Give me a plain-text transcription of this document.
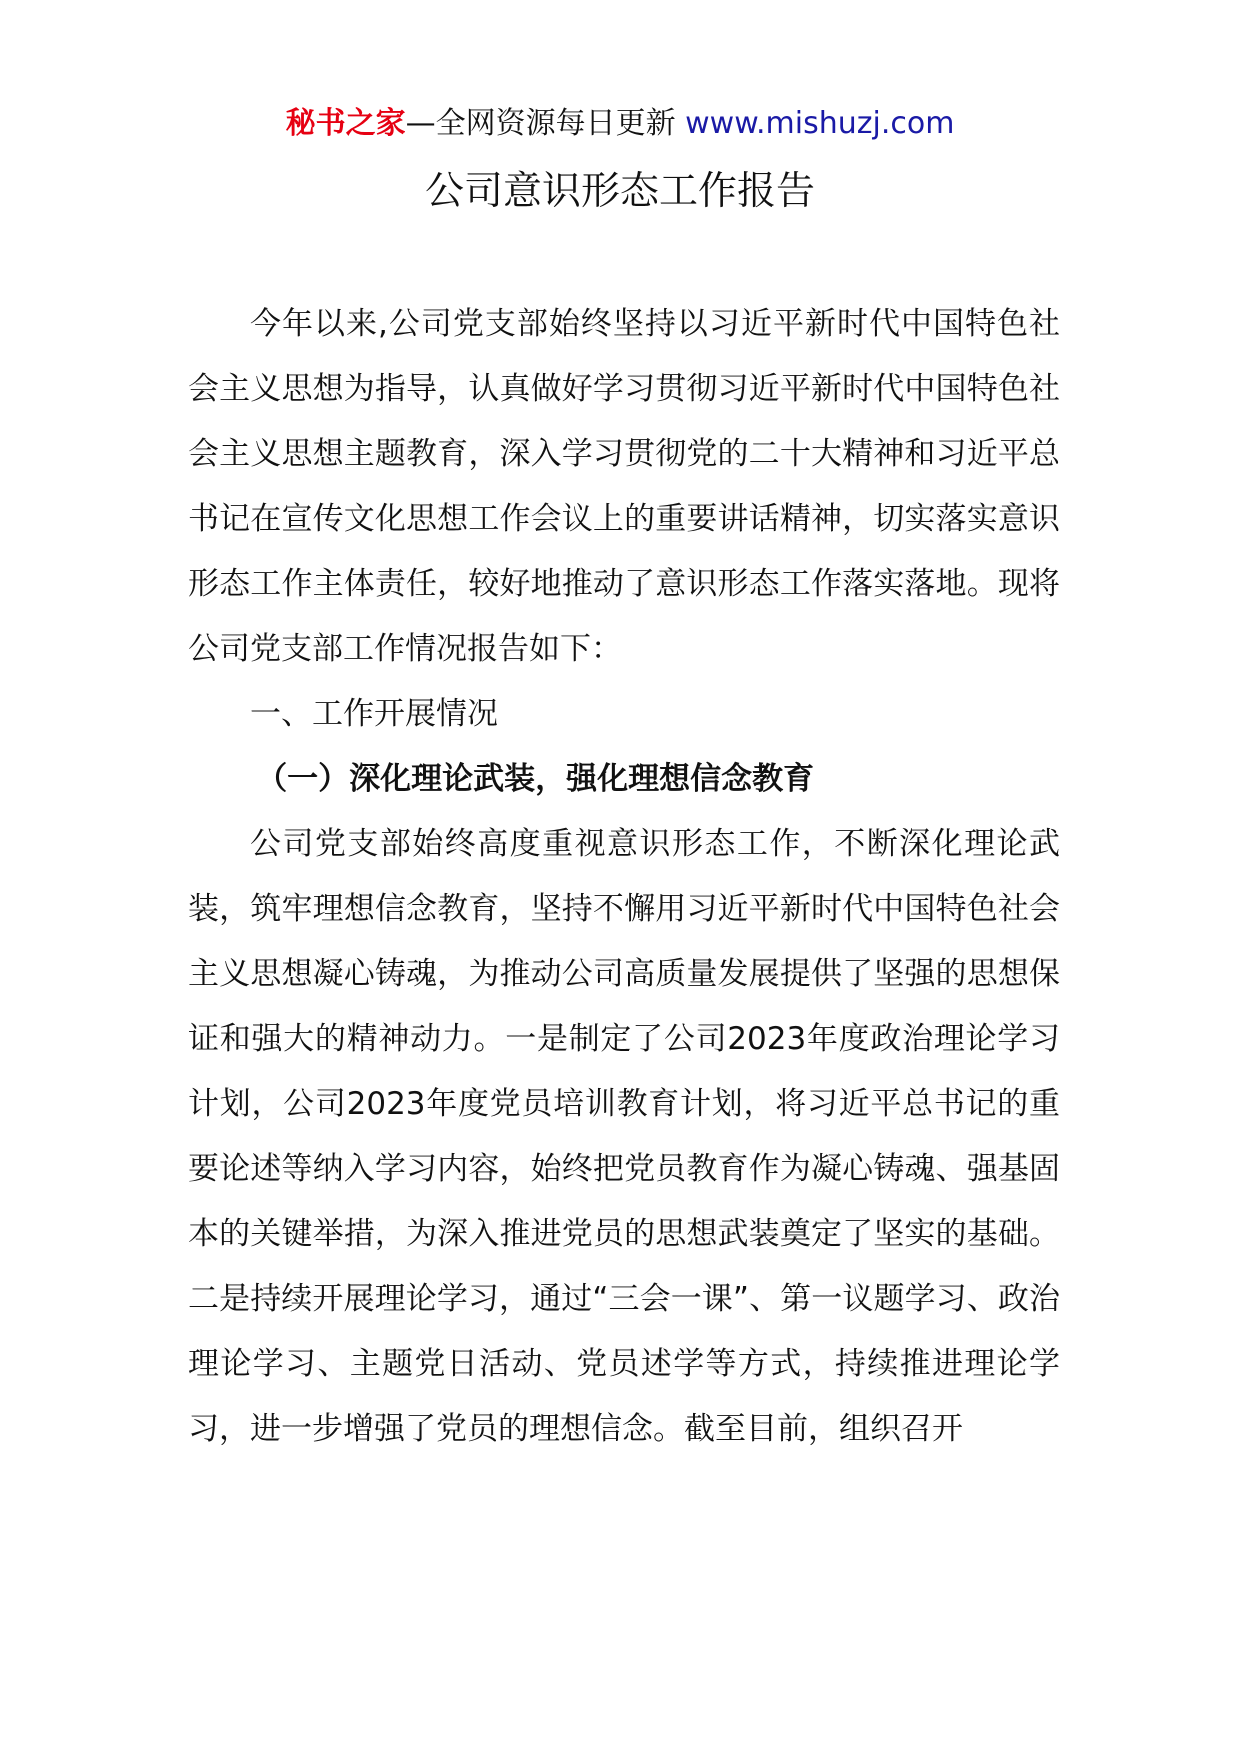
秘书之家—全网资源每日更新 www.mishuzj.com
公司意识形态工作报告

今年以来,公司党支部始终坚持以习近平新时代中国特色社会主义思想为指导，认真做好学习贯彻习近平新时代中国特色社会主义思想主题教育，深入学习贯彻党的二十大精神和习近平总书记在宣传文化思想工作会议上的重要讲话精神，切实落实意识形态工作主体责任，较好地推动了意识形态工作落实落地。现将公司党支部工作情况报告如下：

一、工作开展情况

（一）深化理论武装，强化理想信念教育

公司党支部始终高度重视意识形态工作，不断深化理论武装，筑牢理想信念教育，坚持不懈用习近平新时代中国特色社会主义思想凝心铸魂，为推动公司高质量发展提供了坚强的思想保证和强大的精神动力。一是制定了公司2023年度政治理论学习计划，公司2023年度党员培训教育计划，将习近平总书记的重要论述等纳入学习内容，始终把党员教育作为凝心铸魂、强基固本的关键举措，为深入推进党员的思想武装奠定了坚实的基础。二是持续开展理论学习，通过“三会一课”、第一议题学习、政治理论学习、主题党日活动、党员述学等方式，持续推进理论学习，进一步增强了党员的理想信念。截至目前，组织召开
